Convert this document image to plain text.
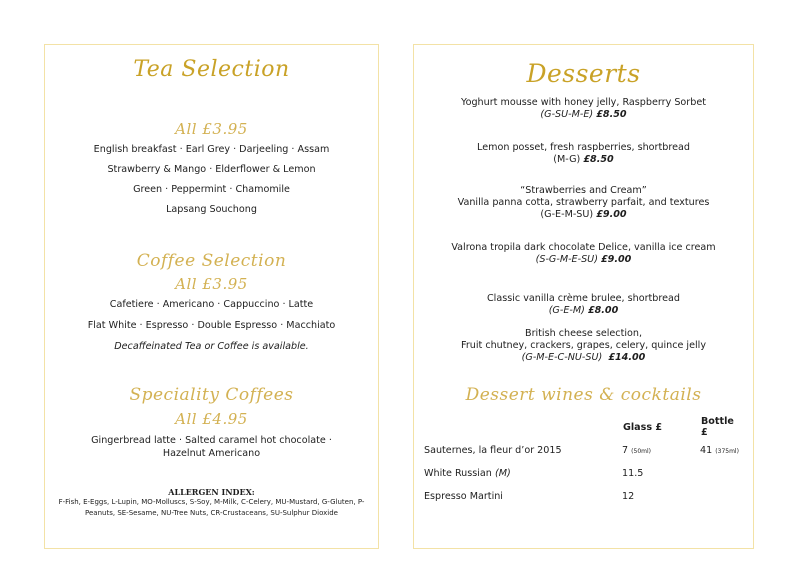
Tea Selection
All £3.95
English breakfast · Earl Grey · Darjeeling · Assam
Strawberry & Mango · Elderflower & Lemon
Green · Peppermint · Chamomile
Lapsang Souchong
Coffee Selection
All £3.95
Cafetiere · Americano · Cappuccino · Latte
Flat White · Espresso · Double Espresso · Macchiato
Decaffeinated Tea or Coffee is available.
Speciality Coffees
All £4.95
Gingerbread latte · Salted caramel hot chocolate ·
Hazelnut Americano
ALLERGEN INDEX:
F-Fish, E-Eggs, L-Lupin, MO-Molluscs, S-Soy, M-Milk, C-Celery, MU-Mustard, G-Gluten, P-
Peanuts, SE-Sesame, NU-Tree Nuts, CR-Crustaceans, SU-Sulphur Dioxide
Desserts
Yoghurt mousse with honey jelly, Raspberry Sorbet
(G-SU-M-E) £8.50
Lemon posset, fresh raspberries, shortbread
(M-G) £8.50
“Strawberries and Cream”
Vanilla panna cotta, strawberry parfait, and textures
(G-E-M-SU) £9.00
Valrona tropila dark chocolate Delice, vanilla ice cream
(S-G-M-E-SU) £9.00
Classic vanilla crème brulee, shortbread
(G-E-M) £8.00
British cheese selection,
Fruit chutney, crackers, grapes, celery, quince jelly
(G-M-E-C-NU-SU) £14.00
Dessert wines & cocktails
	Glass £	Bottle £
Sauternes, la fleur d’or 2015	7 (50ml)	41 (375ml)
White Russian (M)	11.5	
Espresso Martini	12	
